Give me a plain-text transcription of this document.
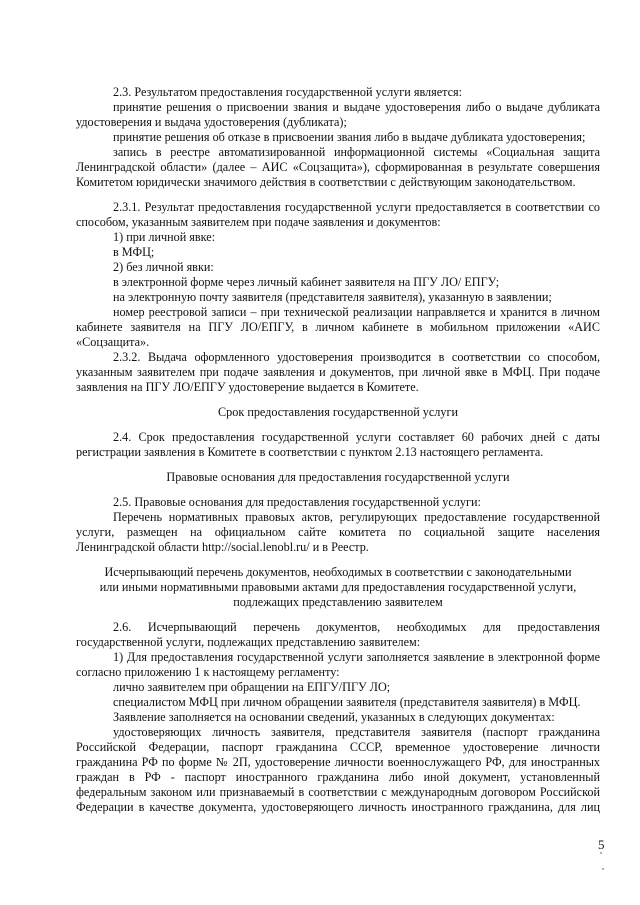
2.3. Результатом предоставления государственной услуги является:
принятие решения о присвоении звания и выдаче удостоверения либо о выдаче дубликата
удостоверения и выдача удостоверения (дубликата);
принятие решения об отказе в присвоении звания либо в выдаче дубликата удостоверения;
запись в реестре автоматизированной информационной системы «Социальная защита
Ленинградской области» (далее – АИС «Соцзащита»), сформированная в результате совершения
Комитетом юридически значимого действия в соответствии с действующим законодательством.
2.3.1. Результат предоставления государственной услуги предоставляется в соответствии со
способом, указанным заявителем при подаче заявления и документов:
1) при личной явке:
в МФЦ;
2) без личной явки:
в электронной форме через личный кабинет заявителя на ПГУ ЛО/ ЕПГУ;
на электронную почту заявителя (представителя заявителя), указанную в заявлении;
номер реестровой записи – при технической реализации направляется и хранится в личном
кабинете заявителя на ПГУ ЛО/ЕПГУ, в личном кабинете в мобильном приложении «АИС
«Соцзащита».
2.3.2. Выдача оформленного удостоверения производится в соответствии со способом,
указанным заявителем при подаче заявления и документов, при личной явке в МФЦ. При подаче
заявления на ПГУ ЛО/ЕПГУ удостоверение выдается в Комитете.
Срок предоставления государственной услуги
2.4. Срок предоставления государственной услуги составляет 60 рабочих дней с даты
регистрации заявления в Комитете в соответствии с пунктом 2.13 настоящего регламента.
Правовые основания для предоставления государственной услуги
2.5. Правовые основания для предоставления государственной услуги:
Перечень нормативных правовых актов, регулирующих предоставление государственной
услуги, размещен на официальном сайте комитета по социальной защите населения
Ленинградской области http://social.lenobl.ru/ и в Реестр.
Исчерпывающий перечень документов, необходимых в соответствии с законодательными
или иными нормативными правовыми актами для предоставления государственной услуги,
подлежащих представлению заявителем
2.6. Исчерпывающий перечень документов, необходимых для предоставления
государственной услуги, подлежащих представлению заявителем:
1) Для предоставления государственной услуги заполняется заявление в электронной форме
согласно приложению 1 к настоящему регламенту:
лично заявителем при обращении на ЕПГУ/ПГУ ЛО;
специалистом МФЦ при личном обращении заявителя (представителя заявителя) в МФЦ.
Заявление заполняется на основании сведений, указанных в следующих документах:
удостоверяющих личность заявителя, представителя заявителя (паспорт гражданина
Российской Федерации, паспорт гражданина СССР, временное удостоверение личности
гражданина РФ по форме № 2П, удостоверение личности военнослужащего РФ, для иностранных
граждан в РФ - паспорт иностранного гражданина либо иной документ, установленный
федеральным законом или признаваемый в соответствии с международным договором Российской
Федерации в качестве документа, удостоверяющего личность иностранного гражданина, для лиц
5
